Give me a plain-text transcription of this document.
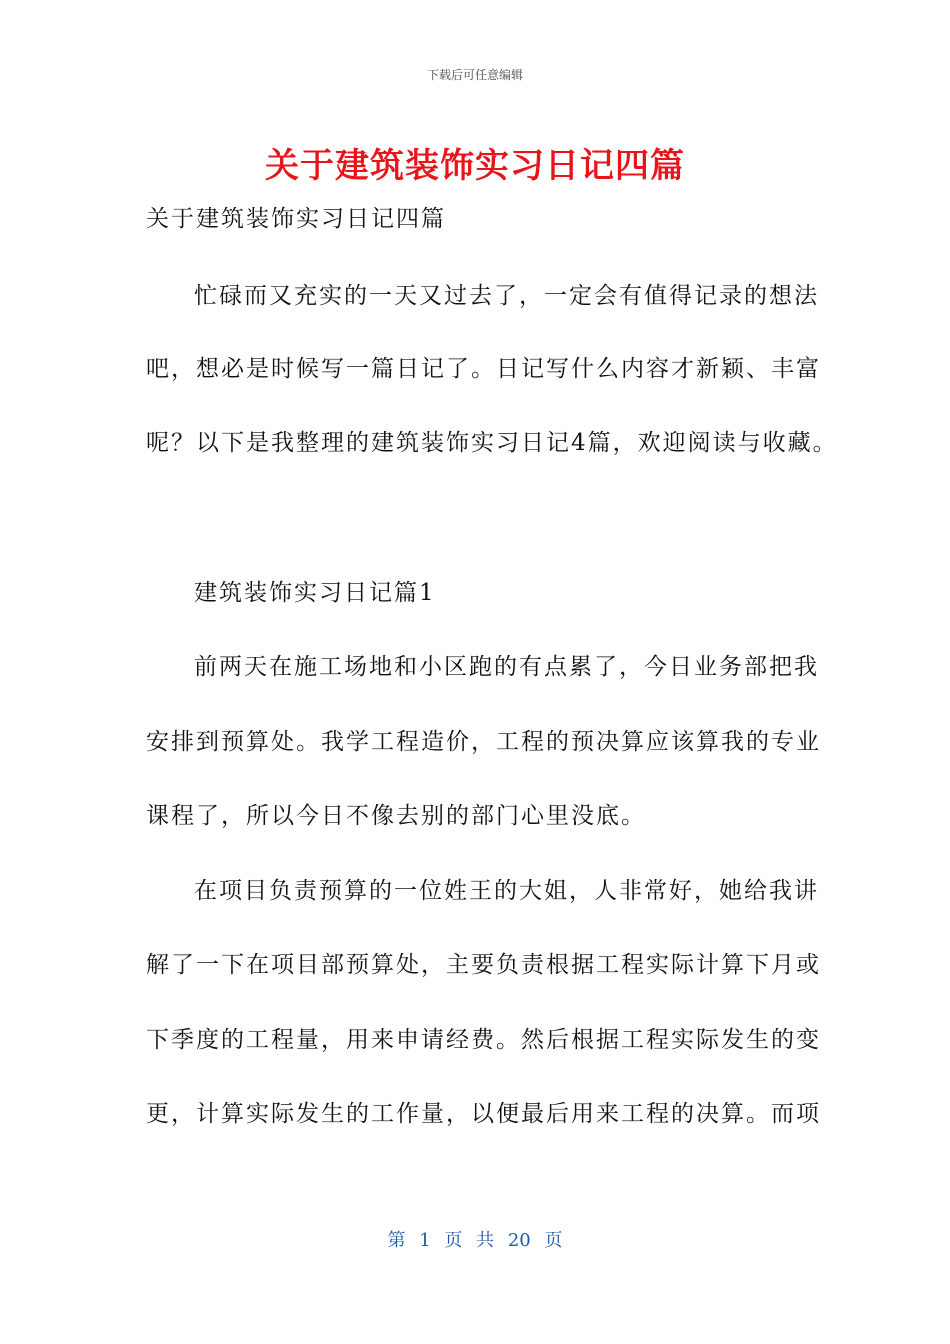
下载后可任意编辑
关于建筑装饰实习日记四篇
关于建筑装饰实习日记四篇
忙碌而又充实的一天又过去了，一定会有值得记录的想法
吧，想必是时候写一篇日记了。日记写什么内容才新颖、丰富
呢？以下是我整理的建筑装饰实习日记4篇，欢迎阅读与收藏。
建筑装饰实习日记篇1
前两天在施工场地和小区跑的有点累了，今日业务部把我
安排到预算处。我学工程造价，工程的预决算应该算我的专业
课程了，所以今日不像去别的部门心里没底。
在项目负责预算的一位姓王的大姐，人非常好，她给我讲
解了一下在项目部预算处，主要负责根据工程实际计算下月或
下季度的工程量，用来申请经费。然后根据工程实际发生的变
更，计算实际发生的工作量，以便最后用来工程的决算。而项
第 1 页 共 20 页
